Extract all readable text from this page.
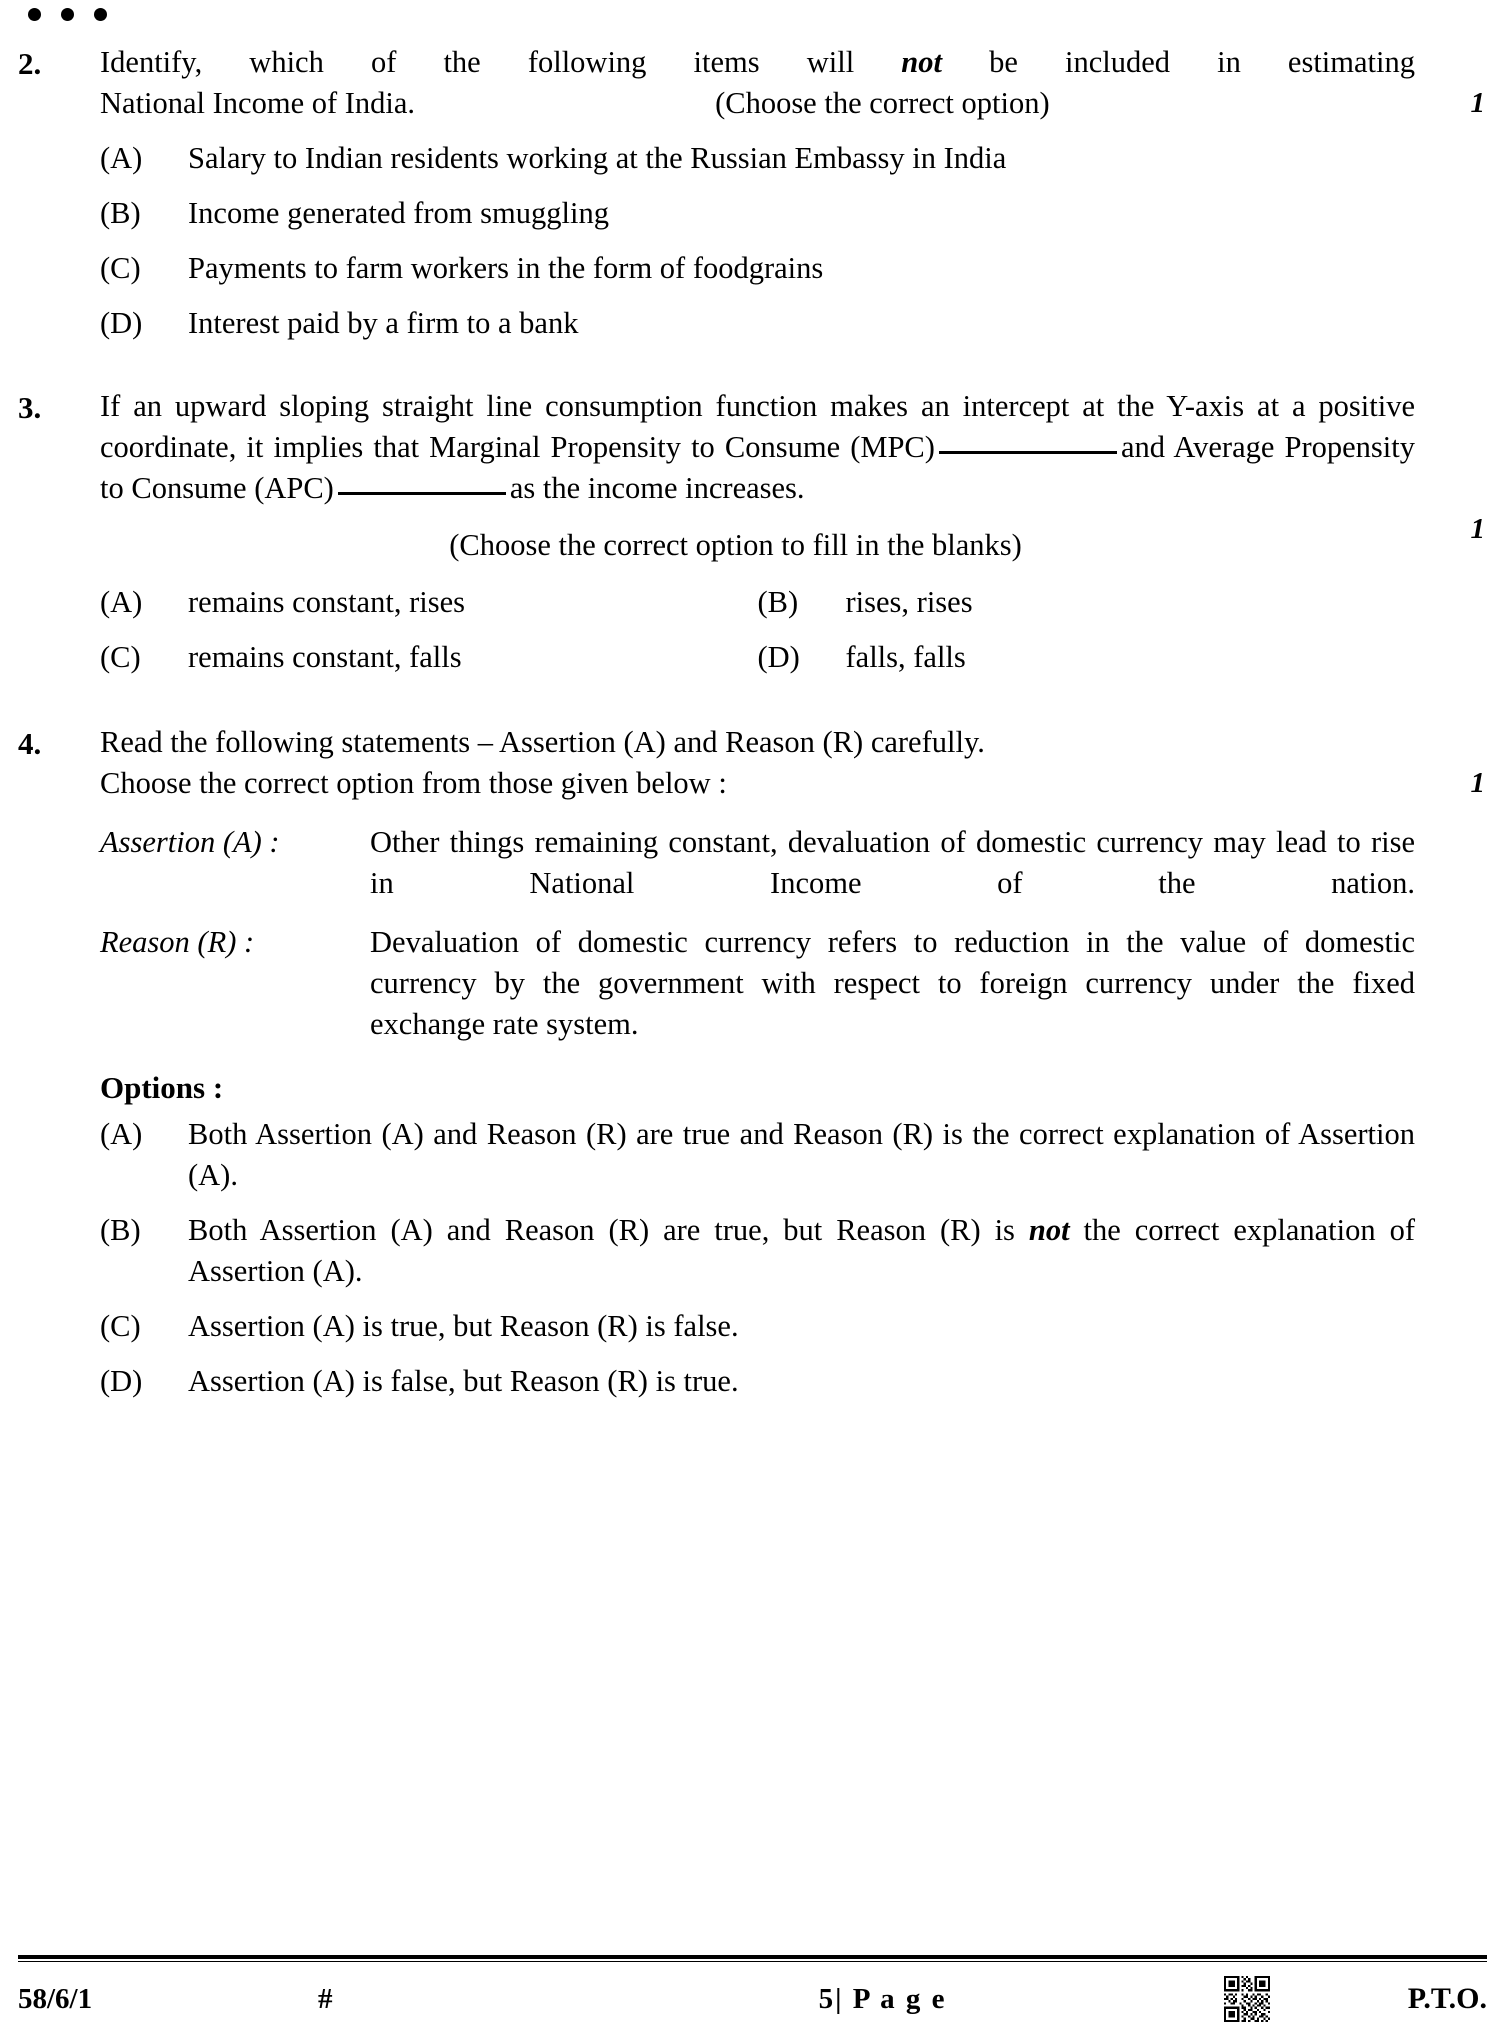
2.	Identify, which of the following items will not be included in estimating

National Income of India.	(Choose the correct option)	1
(A)	Salary to Indian residents working at the Russian Embassy in India
(B)	Income generated from smuggling
(C)	Payments to farm workers in the form of foodgrains
(D)	Interest paid by a firm to a bank
3.	If an upward sloping straight line consumption function makes an intercept at the Y-axis at a positive coordinate, it implies that Marginal Propensity to Consume (MPC)	and Average Propensity to Consume (APC)	as the income increases.

1

(Choose the correct option to fill in the blanks)

(A)	remains constant, rises	(B)	rises, rises
(C)	remains constant, falls	(D)	falls, falls
4.	Read the following statements – Assertion (A) and Reason (R) carefully.

Choose the correct option from those given below :	1
Assertion (A) :	Other things remaining constant, devaluation of domestic currency may lead to rise in National Income of the nation.
Reason (R) :	Devaluation of domestic currency refers to reduction in the value of domestic currency by the government with respect to foreign currency under the fixed exchange rate system.
Options :
(A)	Both Assertion (A) and Reason (R) are true and Reason (R) is the correct explanation of Assertion (A).
(B)	Both Assertion (A) and Reason (R) are true, but Reason (R) is not the correct explanation of Assertion (A).
(C)	Assertion (A) is true, but Reason (R) is false.
(D)	Assertion (A) is false, but Reason (R) is true.
58/6/1	#	5| P a g e	P.T.O.
